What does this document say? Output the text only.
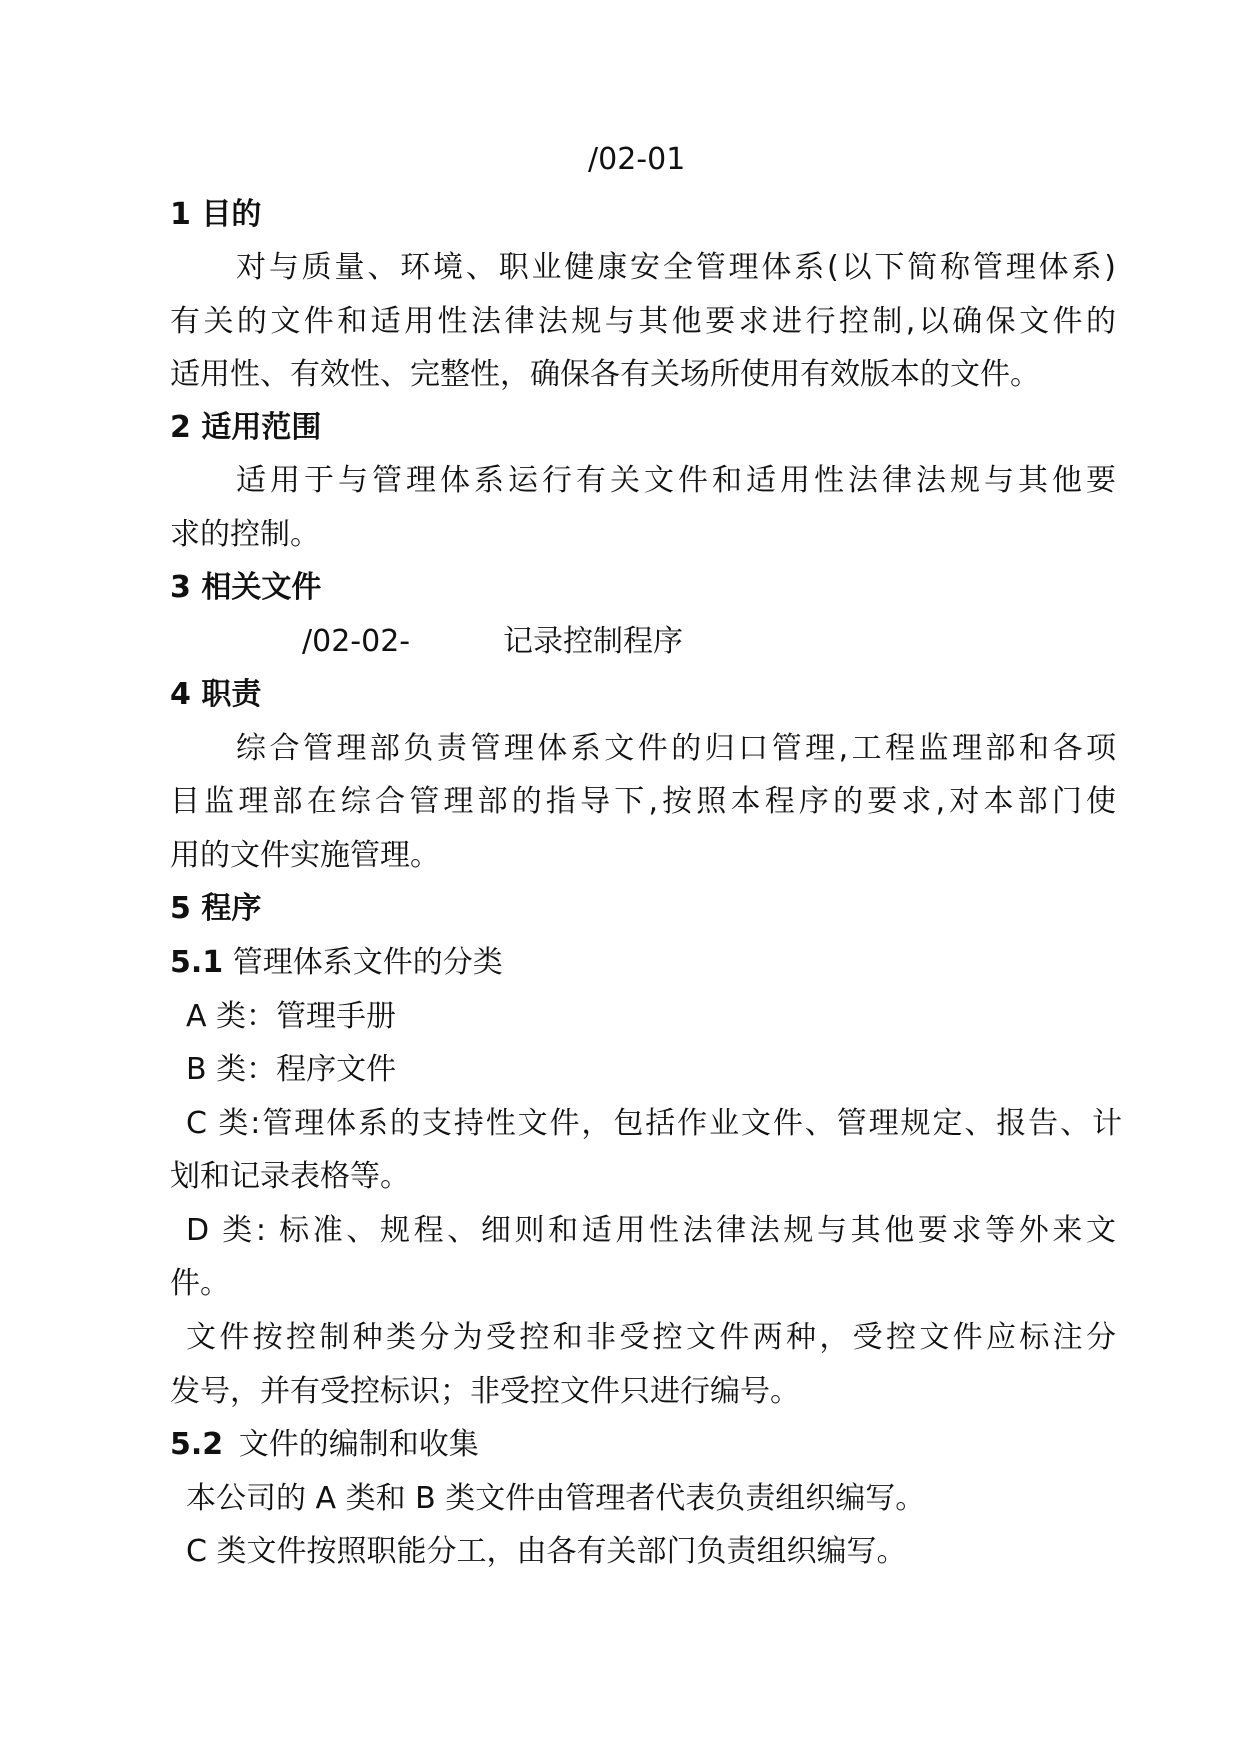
/02-01
1 目的
对与质量、环境、职业健康安全管理体系(以下简称管理体系)
有关的文件和适用性法律法规与其他要求进行控制,以确保文件的
适用性、有效性、完整性，确保各有关场所使用有效版本的文件。
2 适用范围
适用于与管理体系运行有关文件和适用性法律法规与其他要
求的控制。
3 相关文件
/02-02-	记录控制程序
4 职责
综合管理部负责管理体系文件的归口管理,工程监理部和各项
目监理部在综合管理部的指导下,按照本程序的要求,对本部门使
用的文件实施管理。
5 程序
5.1 管理体系文件的分类
A 类：管理手册
B 类：程序文件
C 类:管理体系的支持性文件，包括作业文件、管理规定、报告、计
划和记录表格等。
D 类: 标准、规程、细则和适用性法律法规与其他要求等外来文
件。
文件按控制种类分为受控和非受控文件两种，受控文件应标注分
发号，并有受控标识；非受控文件只进行编号。
5.2 文件的编制和收集
本公司的 A 类和 B 类文件由管理者代表负责组织编写。
C 类文件按照职能分工，由各有关部门负责组织编写。
